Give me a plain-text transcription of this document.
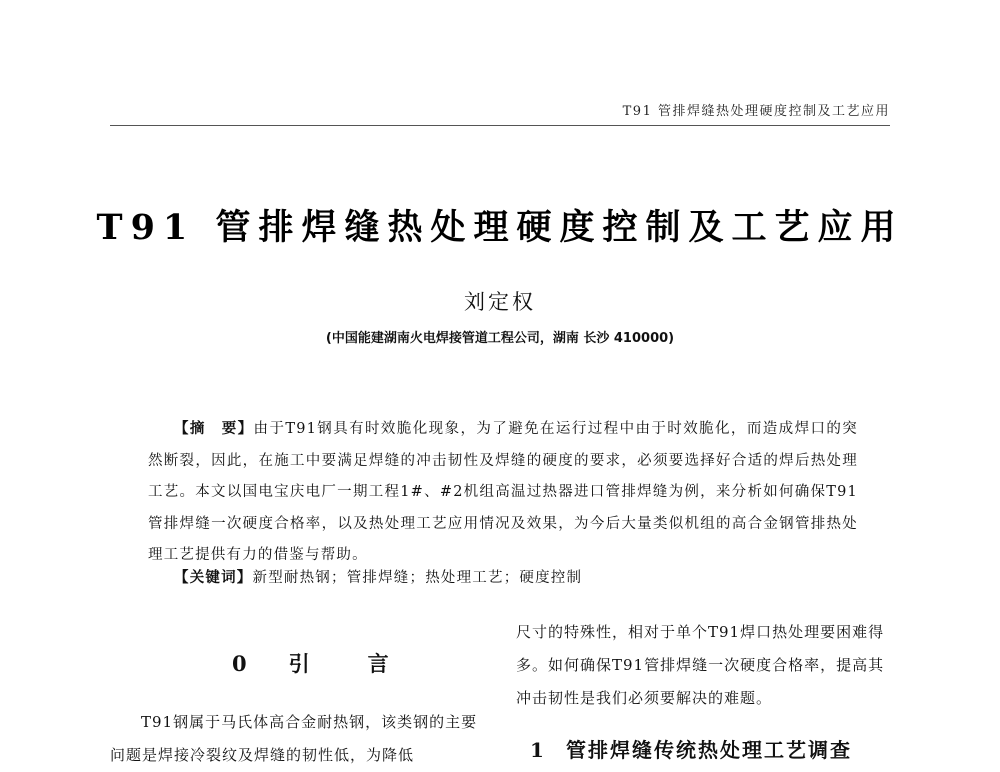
T91 管排焊缝热处理硬度控制及工艺应用
T91 管排焊缝热处理硬度控制及工艺应用
刘定权
(中国能建湖南火电焊接管道工程公司，湖南 长沙 410000)
【摘　要】由于T91钢具有时效脆化现象，为了避免在运行过程中由于时效脆化，而造成焊口的突然断裂，因此，在施工中要满足焊缝的冲击韧性及焊缝的硬度的要求，必须要选择好合适的焊后热处理工艺。本文以国电宝庆电厂一期工程1#、#2机组高温过热器进口管排焊缝为例，来分析如何确保T91管排焊缝一次硬度合格率，以及热处理工艺应用情况及效果，为今后大量类似机组的高合金钢管排热处理工艺提供有力的借鉴与帮助。
【关键词】新型耐热钢；管排焊缝；热处理工艺；硬度控制
0 引	言
T91钢属于马氏体高合金耐热钢，该类钢的主要问题是焊接冷裂纹及焊缝的韧性低，为降低
尺寸的特殊性，相对于单个T91焊口热处理要困难得多。如何确保T91管排焊缝一次硬度合格率，提高其冲击韧性是我们必须要解决的难题。
1 管排焊缝传统热处理工艺调查
